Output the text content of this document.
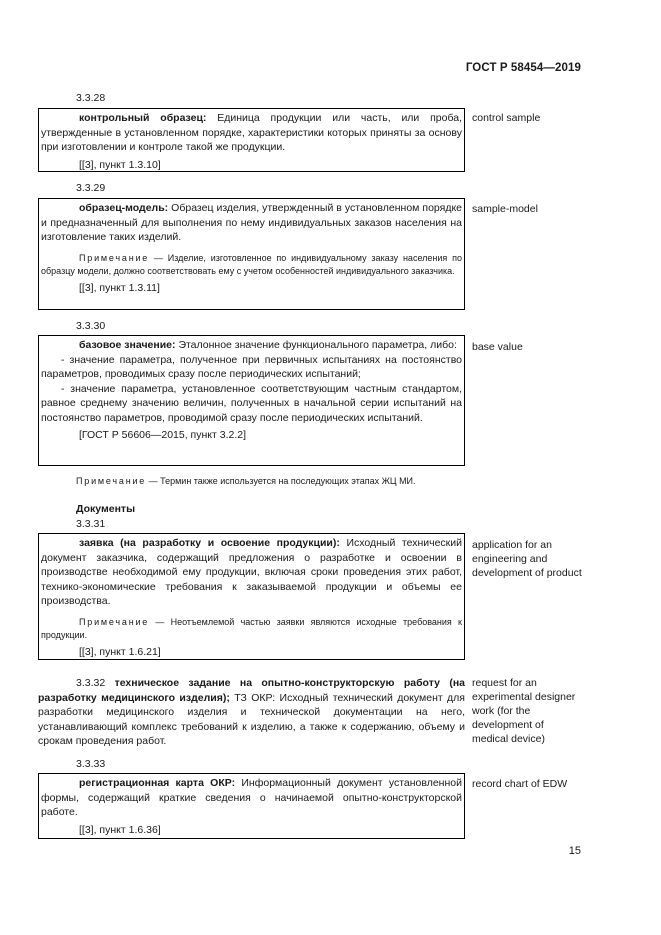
ГОСТ Р 58454—2019
3.3.28

контрольный образец: Единица продукции или часть, или проба, утвержденные в установленном порядке, характеристики которых приняты за основу при изготовлении и контроле такой же продукции.

[[3], пункт 1.3.10]

control sample
3.3.29

образец-модель: Образец изделия, утвержденный в установленном порядке и предназначенный для выполнения по нему индивидуальных заказов населения на изготовление таких изделий.

Примечание — Изделие, изготовленное по индивидуальному заказу населения по образцу модели, должно соответствовать ему с учетом особенностей индивидуального заказчика.

[[3], пункт 1.3.11]

sample-model
3.3.30

базовое значение: Эталонное значение функционального параметра, либо:

- значение параметра, полученное при первичных испытаниях на постоянство параметров, проводимых сразу после периодических испытаний;

- значение параметра, установленное соответствующим частным стандартом, равное среднему значению величин, полученных в начальной серии испытаний на постоянство параметров, проводимой сразу после периодических испытаний.

[ГОСТ Р 56606—2015, пункт 3.2.2]

base value

Примечание — Термин также используется на последующих этапах ЖЦ МИ.

Документы

3.3.31

заявка (на разработку и освоение продукции): Исходный технический документ заказчика, содержащий предложения о разработке и освоении в производстве необходимой ему продукции, включая сроки проведения этих работ, технико-экономические требования к заказываемой продукции и объемы ее производства.

Примечание — Неотъемлемой частью заявки являются исходные требования к продукции.

[[3], пункт 1.6.21]

application for an engineering and development of product

3.3.32 техническое задание на опытно-конструкторскую работу (на разработку медицинского изделия); ТЗ ОКР: Исходный технический документ для разработки медицинского изделия и технической документации на него, устанавливающий комплекс требований к изделию, а также к содержанию, объему и срокам проведения работ.

request for an experimental designer work (for the development of medical device)
3.3.33

регистрационная карта ОКР: Информационный документ установленной формы, содержащий краткие сведения о начинаемой опытно-конструкторской работе.

[[3], пункт 1.6.36]

record chart of EDW
15
